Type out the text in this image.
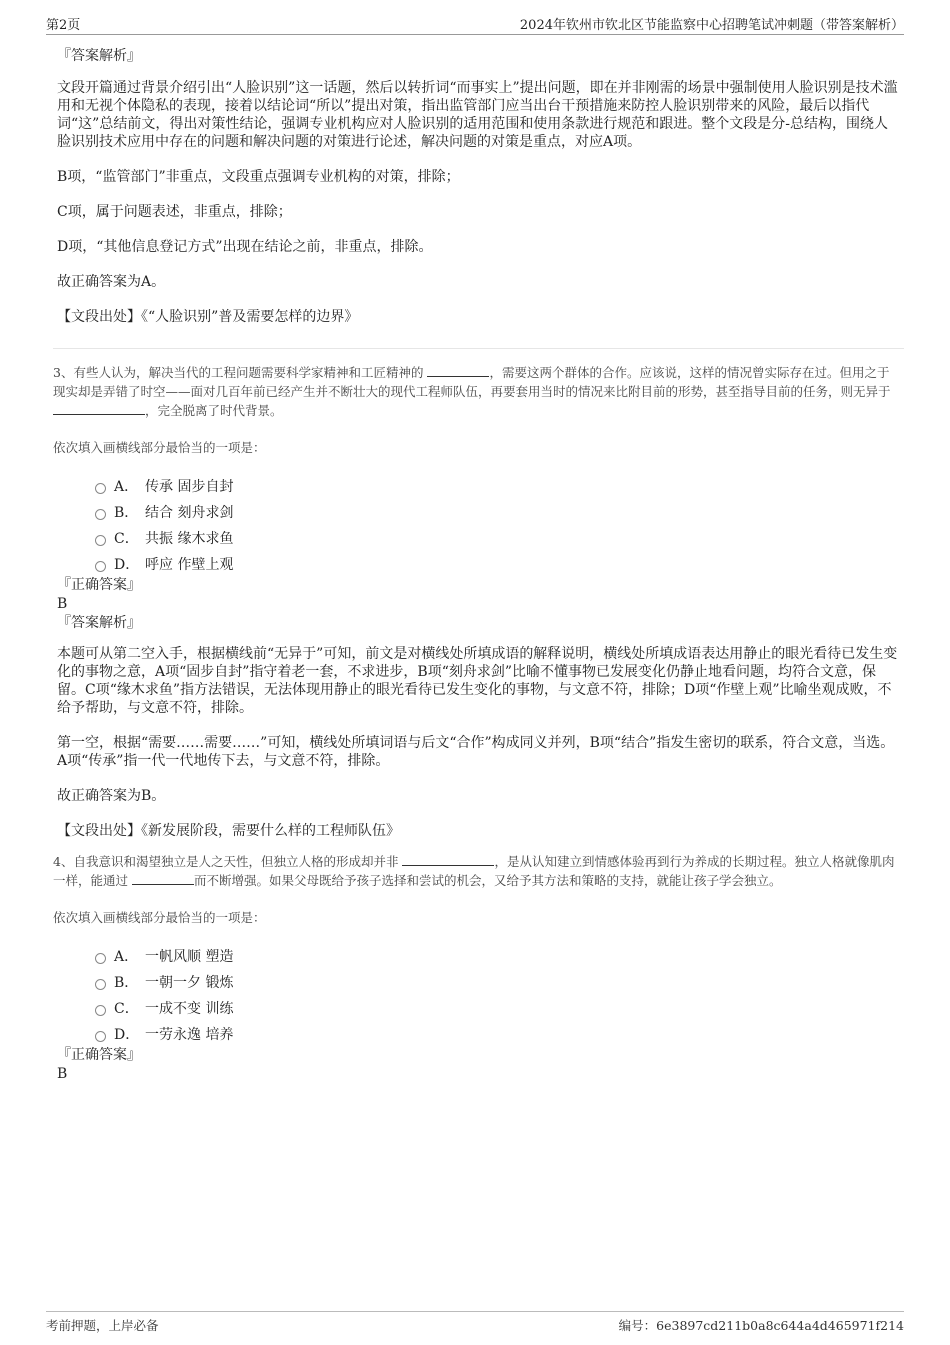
第2页	2024年钦州市钦北区节能监察中心招聘笔试冲刺题（带答案解析）

『答案解析』

文段开篇通过背景介绍引出“人脸识别”这一话题，然后以转折词“而事实上”提出问题，即在并非刚需的场景中强制使用人脸识别是技术滥用和无视个体隐私的表现，接着以结论词“所以”提出对策，指出监管部门应当出台干预措施来防控人脸识别带来的风险，最后以指代词“这”总结前文，得出对策性结论，强调专业机构应对人脸识别的适用范围和使用条款进行规范和跟进。整个文段是分-总结构，围绕人脸识别技术应用中存在的问题和解决问题的对策进行论述，解决问题的对策是重点，对应A项。

B项，“监管部门”非重点，文段重点强调专业机构的对策，排除；

C项，属于问题表述，非重点，排除；

D项，“其他信息登记方式”出现在结论之前，非重点，排除。

故正确答案为A。

【文段出处】《“人脸识别”普及需要怎样的边界》

3、有些人认为，解决当代的工程问题需要科学家精神和工匠精神的	，需要这两个群体的合作。应该说，这样的情况曾实际存在过。但用之于现实却是弄错了时空——面对几百年前已经产生并不断壮大的现代工程师队伍，再要套用当时的情况来比附目前的形势，甚至指导目前的任务，则无异于 ，完全脱离了时代背景。

依次填入画横线部分最恰当的一项是：

A． 传承 固步自封
B． 结合 刻舟求剑
C． 共振 缘木求鱼
D． 呼应 作壁上观

『正确答案』

B

『答案解析』

本题可从第二空入手，根据横线前“无异于”可知，前文是对横线处所填成语的解释说明，横线处所填成语表达用静止的眼光看待已发生变化的事物之意，A项“固步自封”指守着老一套，不求进步，B项“刻舟求剑”比喻不懂事物已发展变化仍静止地看问题，均符合文意，保留。C项“缘木求鱼”指方法错误，无法体现用静止的眼光看待已发生变化的事物，与文意不符，排除；D项“作壁上观”比喻坐观成败，不给予帮助，与文意不符，排除。

第一空，根据“需要……需要……”可知，横线处所填词语与后文“合作”构成同义并列，B项“结合”指发生密切的联系，符合文意，当选。A项“传承”指一代一代地传下去，与文意不符，排除。

故正确答案为B。

【文段出处】《新发展阶段，需要什么样的工程师队伍》

4、自我意识和渴望独立是人之天性，但独立人格的形成却并非	，是从认知建立到情感体验再到行为养成的长期过程。独立人格就像肌肉一样，能通过	而不断增强。如果父母既给予孩子选择和尝试的机会，又给予其方法和策略的支持，就能让孩子学会独立。

依次填入画横线部分最恰当的一项是：

A． 一帆风顺 塑造
B． 一朝一夕 锻炼
C． 一成不变 训练
D． 一劳永逸 培养

『正确答案』

B

考前押题，上岸必备	编号：6e3897cd211b0a8c644a4d465971f214
